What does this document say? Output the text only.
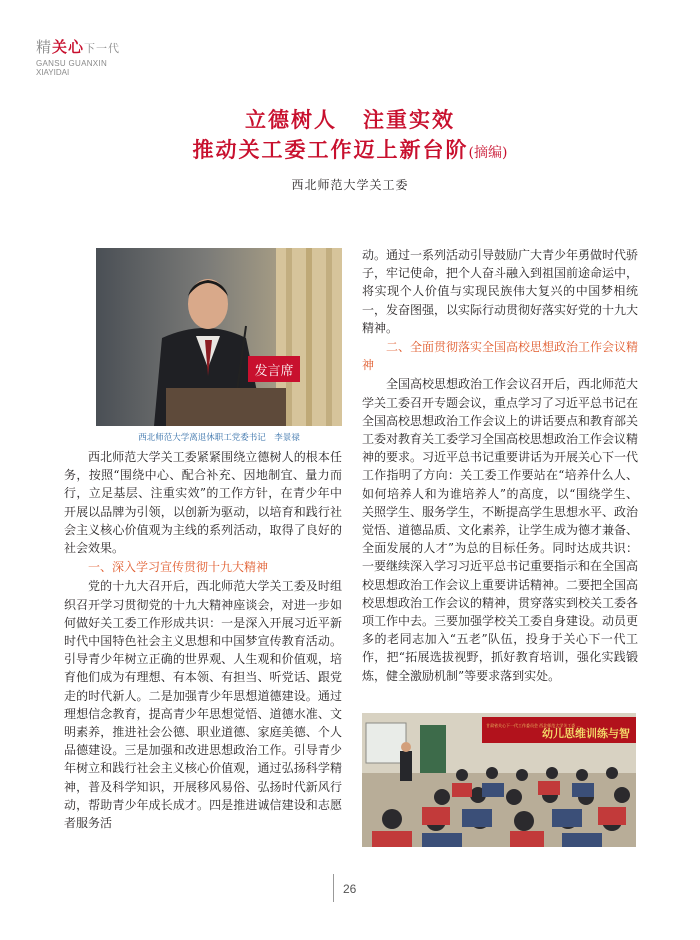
精关心下一代
GANSU GUANXIN
XIAYIDAI
立德树人 注重实效
推动关工委工作迈上新台阶(摘编)
西北师范大学关工委
发言席
西北师范大学离退休职工党委书记　李景禄

西北师范大学关工委紧紧围绕立德树人的根本任务，按照“围绕中心、配合补充、因地制宜、量力而行，立足基层、注重实效”的工作方针，在青少年中开展以品牌为引领，以创新为驱动，以培育和践行社会主义核心价值观为主线的系列活动，取得了良好的社会效果。

一、深入学习宣传贯彻十九大精神

党的十九大召开后，西北师范大学关工委及时组织召开学习贯彻党的十九大精神座谈会，对进一步如何做好关工委工作形成共识：一是深入开展习近平新时代中国特色社会主义思想和中国梦宣传教育活动。引导青少年树立正确的世界观、人生观和价值观，培育他们成为有理想、有本领、有担当、听党话、跟党走的时代新人。二是加强青少年思想道德建设。通过理想信念教育，提高青少年思想觉悟、道德水准、文明素养，推进社会公德、职业道德、家庭美德、个人品德建设。三是加强和改进思想政治工作。引导青少年树立和践行社会主义核心价值观，通过弘扬科学精神，普及科学知识，开展移风易俗、弘扬时代新风行动，帮助青少年成长成才。四是推进诚信建设和志愿者服务活

动。通过一系列活动引导鼓励广大青少年勇做时代骄子，牢记使命，把个人奋斗融入到祖国前途命运中，将实现个人价值与实现民族伟大复兴的中国梦相统一，发奋图强，以实际行动贯彻好落实好党的十九大精神。

二、全面贯彻落实全国高校思想政治工作会议精神

全国高校思想政治工作会议召开后，西北师范大学关工委召开专题会议，重点学习了习近平总书记在全国高校思想政治工作会议上的讲话要点和教育部关工委对教育关工委学习全国高校思想政治工作会议精神的要求。习近平总书记重要讲话为开展关心下一代工作指明了方向：关工委工作要站在“培养什么人、如何培养人和为谁培养人”的高度，以“围绕学生、关照学生、服务学生，不断提高学生思想水平、政治觉悟、道德品质、文化素养，让学生成为德才兼备、全面发展的人才”为总的目标任务。同时达成共识：一要继续深入学习习近平总书记重要指示和在全国高校思想政治工作会议上重要讲话精神。二要把全国高校思想政治工作会议的精神，贯穿落实到校关工委各项工作中去。三要加强学校关工委自身建设。动员更多的老同志加入“五老”队伍，投身于关心下一代工作，把“拓展选拔视野，抓好教育培训，强化实践锻炼，健全激励机制”等要求落到实处。

甘肃省关心下一代工作委员会 西北师范大学关工委 …
幼儿思维训练与智
26
